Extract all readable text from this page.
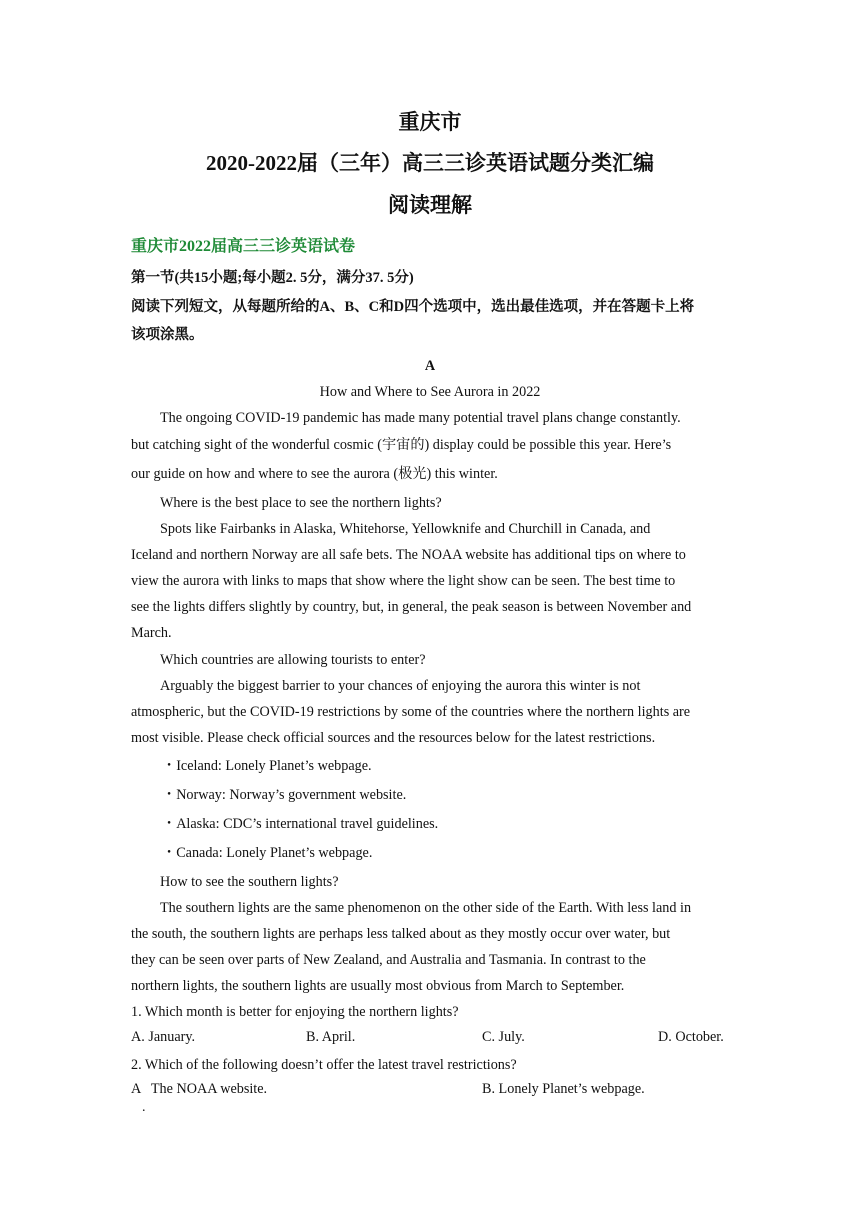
重庆市
2020-2022届（三年）高三三诊英语试题分类汇编
阅读理解
重庆市2022届高三三诊英语试卷
第一节(共15小题;每小题2. 5分，满分37. 5分)
阅读下列短文，从每题所给的A、B、C和D四个选项中，选出最佳选项，并在答题卡上将
该项涂黑。
A
How and Where to See Aurora in 2022
The ongoing COVID-19 pandemic has made many potential travel plans change constantly.
but catching sight of the wonderful cosmic (宇宙的) display could be possible this year. Here’s
our guide on how and where to see the aurora (极光) this winter.
Where is the best place to see the northern lights?
Spots like Fairbanks in Alaska, Whitehorse, Yellowknife and Churchill in Canada, and
Iceland and northern Norway are all safe bets. The NOAA website has additional tips on where to
view the aurora with links to maps that show where the light show can be seen. The best time to
see the lights differs slightly by country, but, in general, the peak season is between November and
March.
Which countries are allowing tourists to enter?
Arguably the biggest barrier to your chances of enjoying the aurora this winter is not
atmospheric, but the COVID-19 restrictions by some of the countries where the northern lights are
most visible. Please check official sources and the resources below for the latest restrictions.
・Iceland: Lonely Planet’s webpage.
・Norway: Norway’s government website.
・Alaska: CDC’s international travel guidelines.
・Canada: Lonely Planet’s webpage.
How to see the southern lights?
The southern lights are the same phenomenon on the other side of the Earth. With less land in
the south, the southern lights are perhaps less talked about as they mostly occur over water, but
they can be seen over parts of New Zealand, and Australia and Tasmania. In contrast to the
northern lights, the southern lights are usually most obvious from March to September.
1. Which month is better for enjoying the northern lights?
A. January.	B. April.	C. July.	D. October.
2. Which of the following doesn’t offer the latest travel restrictions?
A   The NOAA website.	B. Lonely Planet’s webpage.
.
